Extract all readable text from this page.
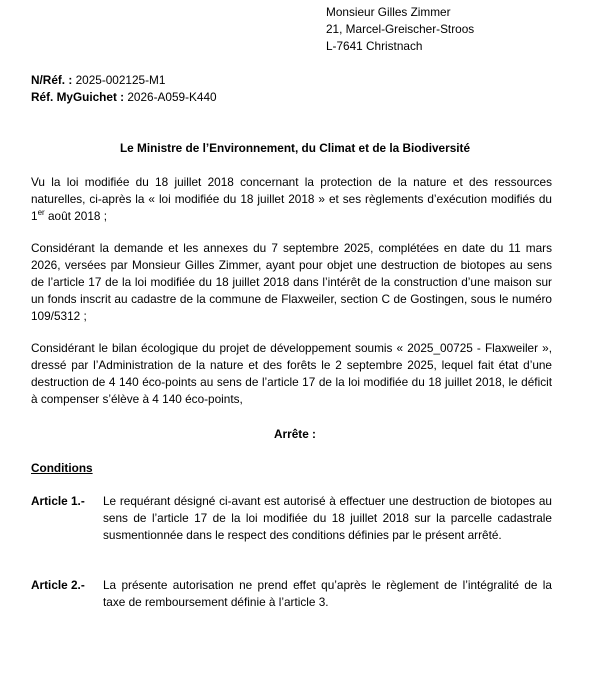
Monsieur Gilles Zimmer
21, Marcel-Greischer-Stroos
L-7641 Christnach
N/Réf. : 2025-002125-M1
Réf. MyGuichet : 2026-A059-K440
Le Ministre de l’Environnement, du Climat et de la Biodiversité
Vu la loi modifiée du 18 juillet 2018 concernant la protection de la nature et des ressources naturelles, ci-après la « loi modifiée du 18 juillet 2018 » et ses règlements d’exécution modifiés du 1er août 2018 ;
Considérant la demande et les annexes du 7 septembre 2025, complétées en date du 11 mars 2026, versées par Monsieur Gilles Zimmer, ayant pour objet une destruction de biotopes au sens de l’article 17 de la loi modifiée du 18 juillet 2018 dans l’intérêt de la construction d’une maison sur un fonds inscrit au cadastre de la commune de Flaxweiler, section C de Gostingen, sous le numéro 109/5312 ;
Considérant le bilan écologique du projet de développement soumis « 2025_00725 - Flaxweiler », dressé par l’Administration de la nature et des forêts le 2 septembre 2025, lequel fait état d’une destruction de 4 140 éco-points au sens de l’article 17 de la loi modifiée du 18 juillet 2018, le déficit à compenser s’élève à 4 140 éco-points,
Arrête :
Conditions
Article 1.- Le requérant désigné ci-avant est autorisé à effectuer une destruction de biotopes au sens de l’article 17 de la loi modifiée du 18 juillet 2018 sur la parcelle cadastrale susmentionnée dans le respect des conditions définies par le présent arrêté.
Article 2.- La présente autorisation ne prend effet qu’après le règlement de l’intégralité de la taxe de remboursement définie à l’article 3.
